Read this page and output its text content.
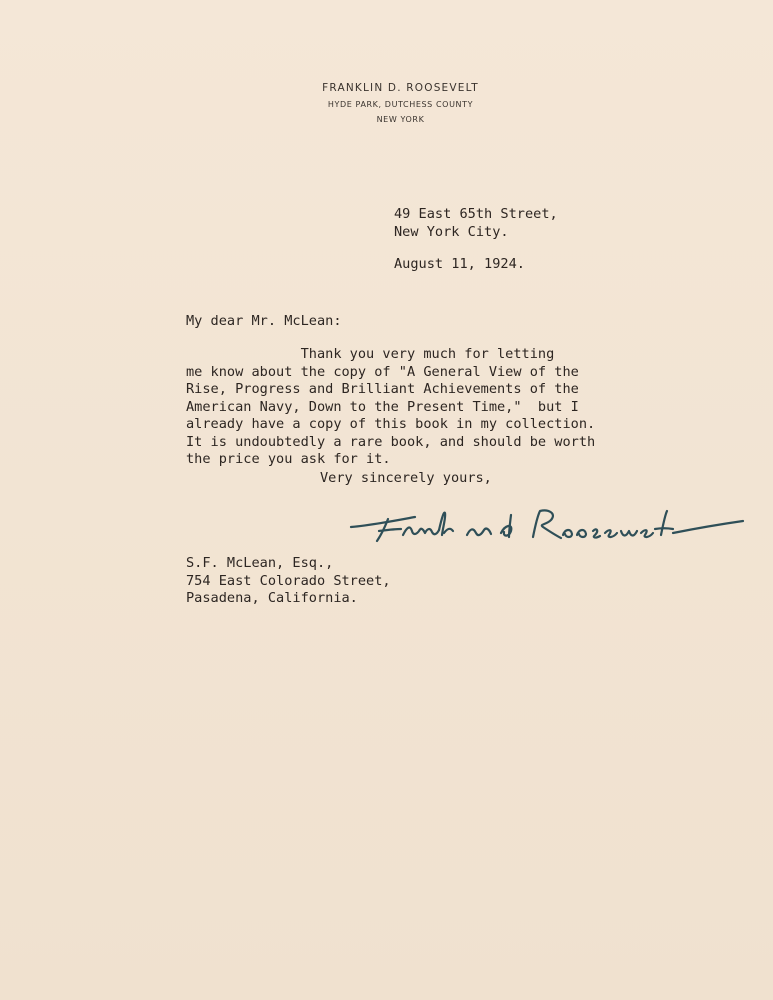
FRANKLIN D. ROOSEVELT
HYDE PARK, DUTCHESS COUNTY
NEW YORK
49 East 65th Street,
New York City.
August 11, 1924.
My dear Mr. McLean:
Thank you very much for letting
me know about the copy of "A General View of the
Rise, Progress and Brilliant Achievements of the
American Navy, Down to the Present Time,"  but I
already have a copy of this book in my collection.
It is undoubtedly a rare book, and should be worth
the price you ask for it.
Very sincerely yours,
S.F. McLean, Esq.,
754 East Colorado Street,
Pasadena, California.
